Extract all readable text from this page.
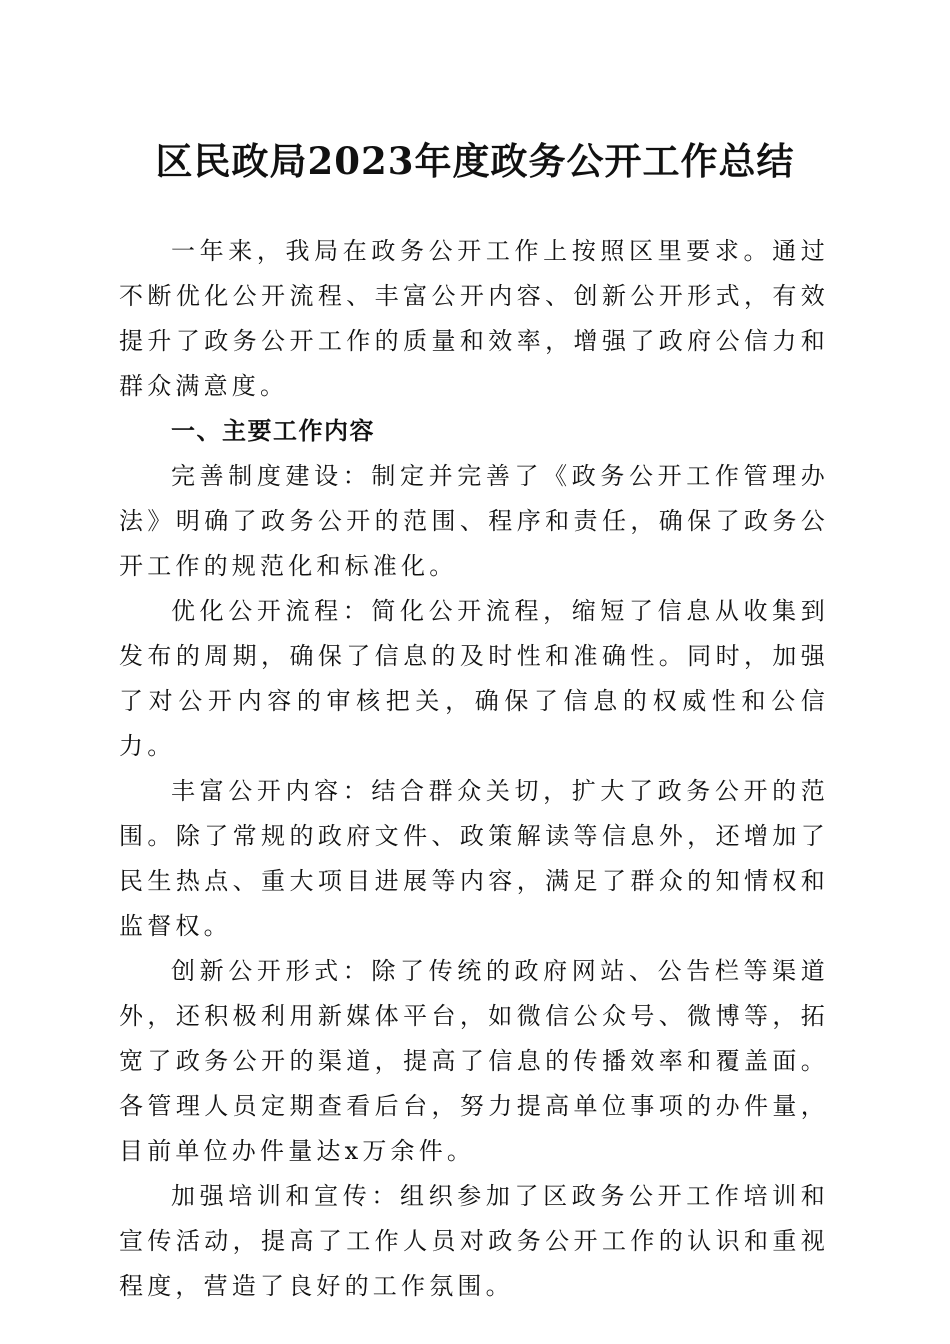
区民政局2023年度政务公开工作总结

一年来，我局在政务公开工作上按照区里要求。通过不断优化公开流程、丰富公开内容、创新公开形式，有效提升了政务公开工作的质量和效率，增强了政府公信力和群众满意度。

一、主要工作内容

完善制度建设：制定并完善了《政务公开工作管理办法》明确了政务公开的范围、程序和责任，确保了政务公开工作的规范化和标准化。

优化公开流程：简化公开流程，缩短了信息从收集到发布的周期，确保了信息的及时性和准确性。同时，加强了对公开内容的审核把关，确保了信息的权威性和公信力。

丰富公开内容：结合群众关切，扩大了政务公开的范围。除了常规的政府文件、政策解读等信息外，还增加了民生热点、重大项目进展等内容，满足了群众的知情权和监督权。

创新公开形式：除了传统的政府网站、公告栏等渠道外，还积极利用新媒体平台，如微信公众号、微博等，拓宽了政务公开的渠道，提高了信息的传播效率和覆盖面。各管理人员定期查看后台，努力提高单位事项的办件量，目前单位办件量达x万余件。

加强培训和宣传：组织参加了区政务公开工作培训和宣传活动，提高了工作人员对政务公开工作的认识和重视程度，营造了良好的工作氛围。
